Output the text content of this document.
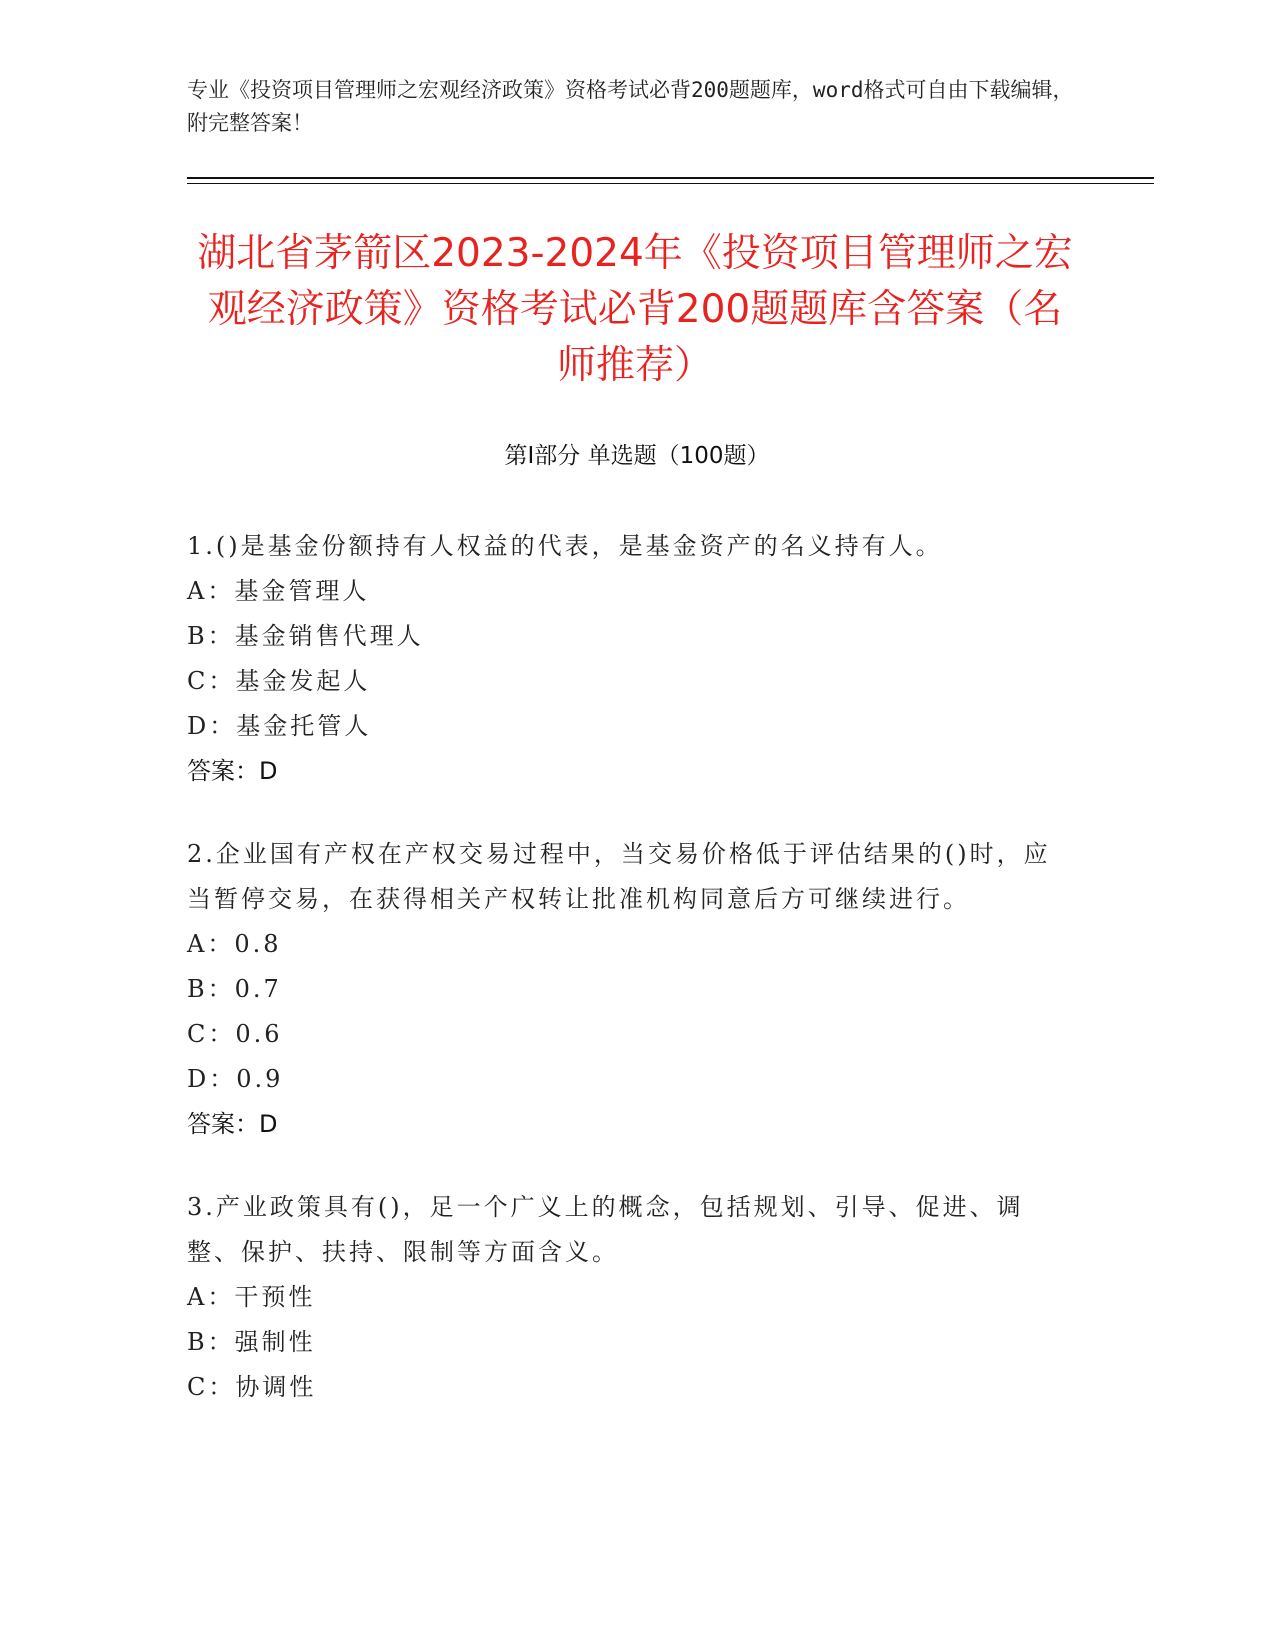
专业《投资项目管理师之宏观经济政策》资格考试必背200题题库，word格式可自由下载编辑，附完整答案！

湖北省茅箭区2023-2024年《投资项目管理师之宏观经济政策》资格考试必背200题题库含答案（名师推荐）
第I部分 单选题（100题）

1.()是基金份额持有人权益的代表，是基金资产的名义持有人。

A：基金管理人

B：基金销售代理人

C：基金发起人

D：基金托管人

答案：D

2.企业国有产权在产权交易过程中，当交易价格低于评估结果的()时，应当暂停交易，在获得相关产权转让批准机构同意后方可继续进行。

A：0.8

B：0.7

C：0.6

D：0.9

答案：D

3.产业政策具有()，足一个广义上的概念，包括规划、引导、促进、调整、保护、扶持、限制等方面含义。

A：干预性

B：强制性

C：协调性
